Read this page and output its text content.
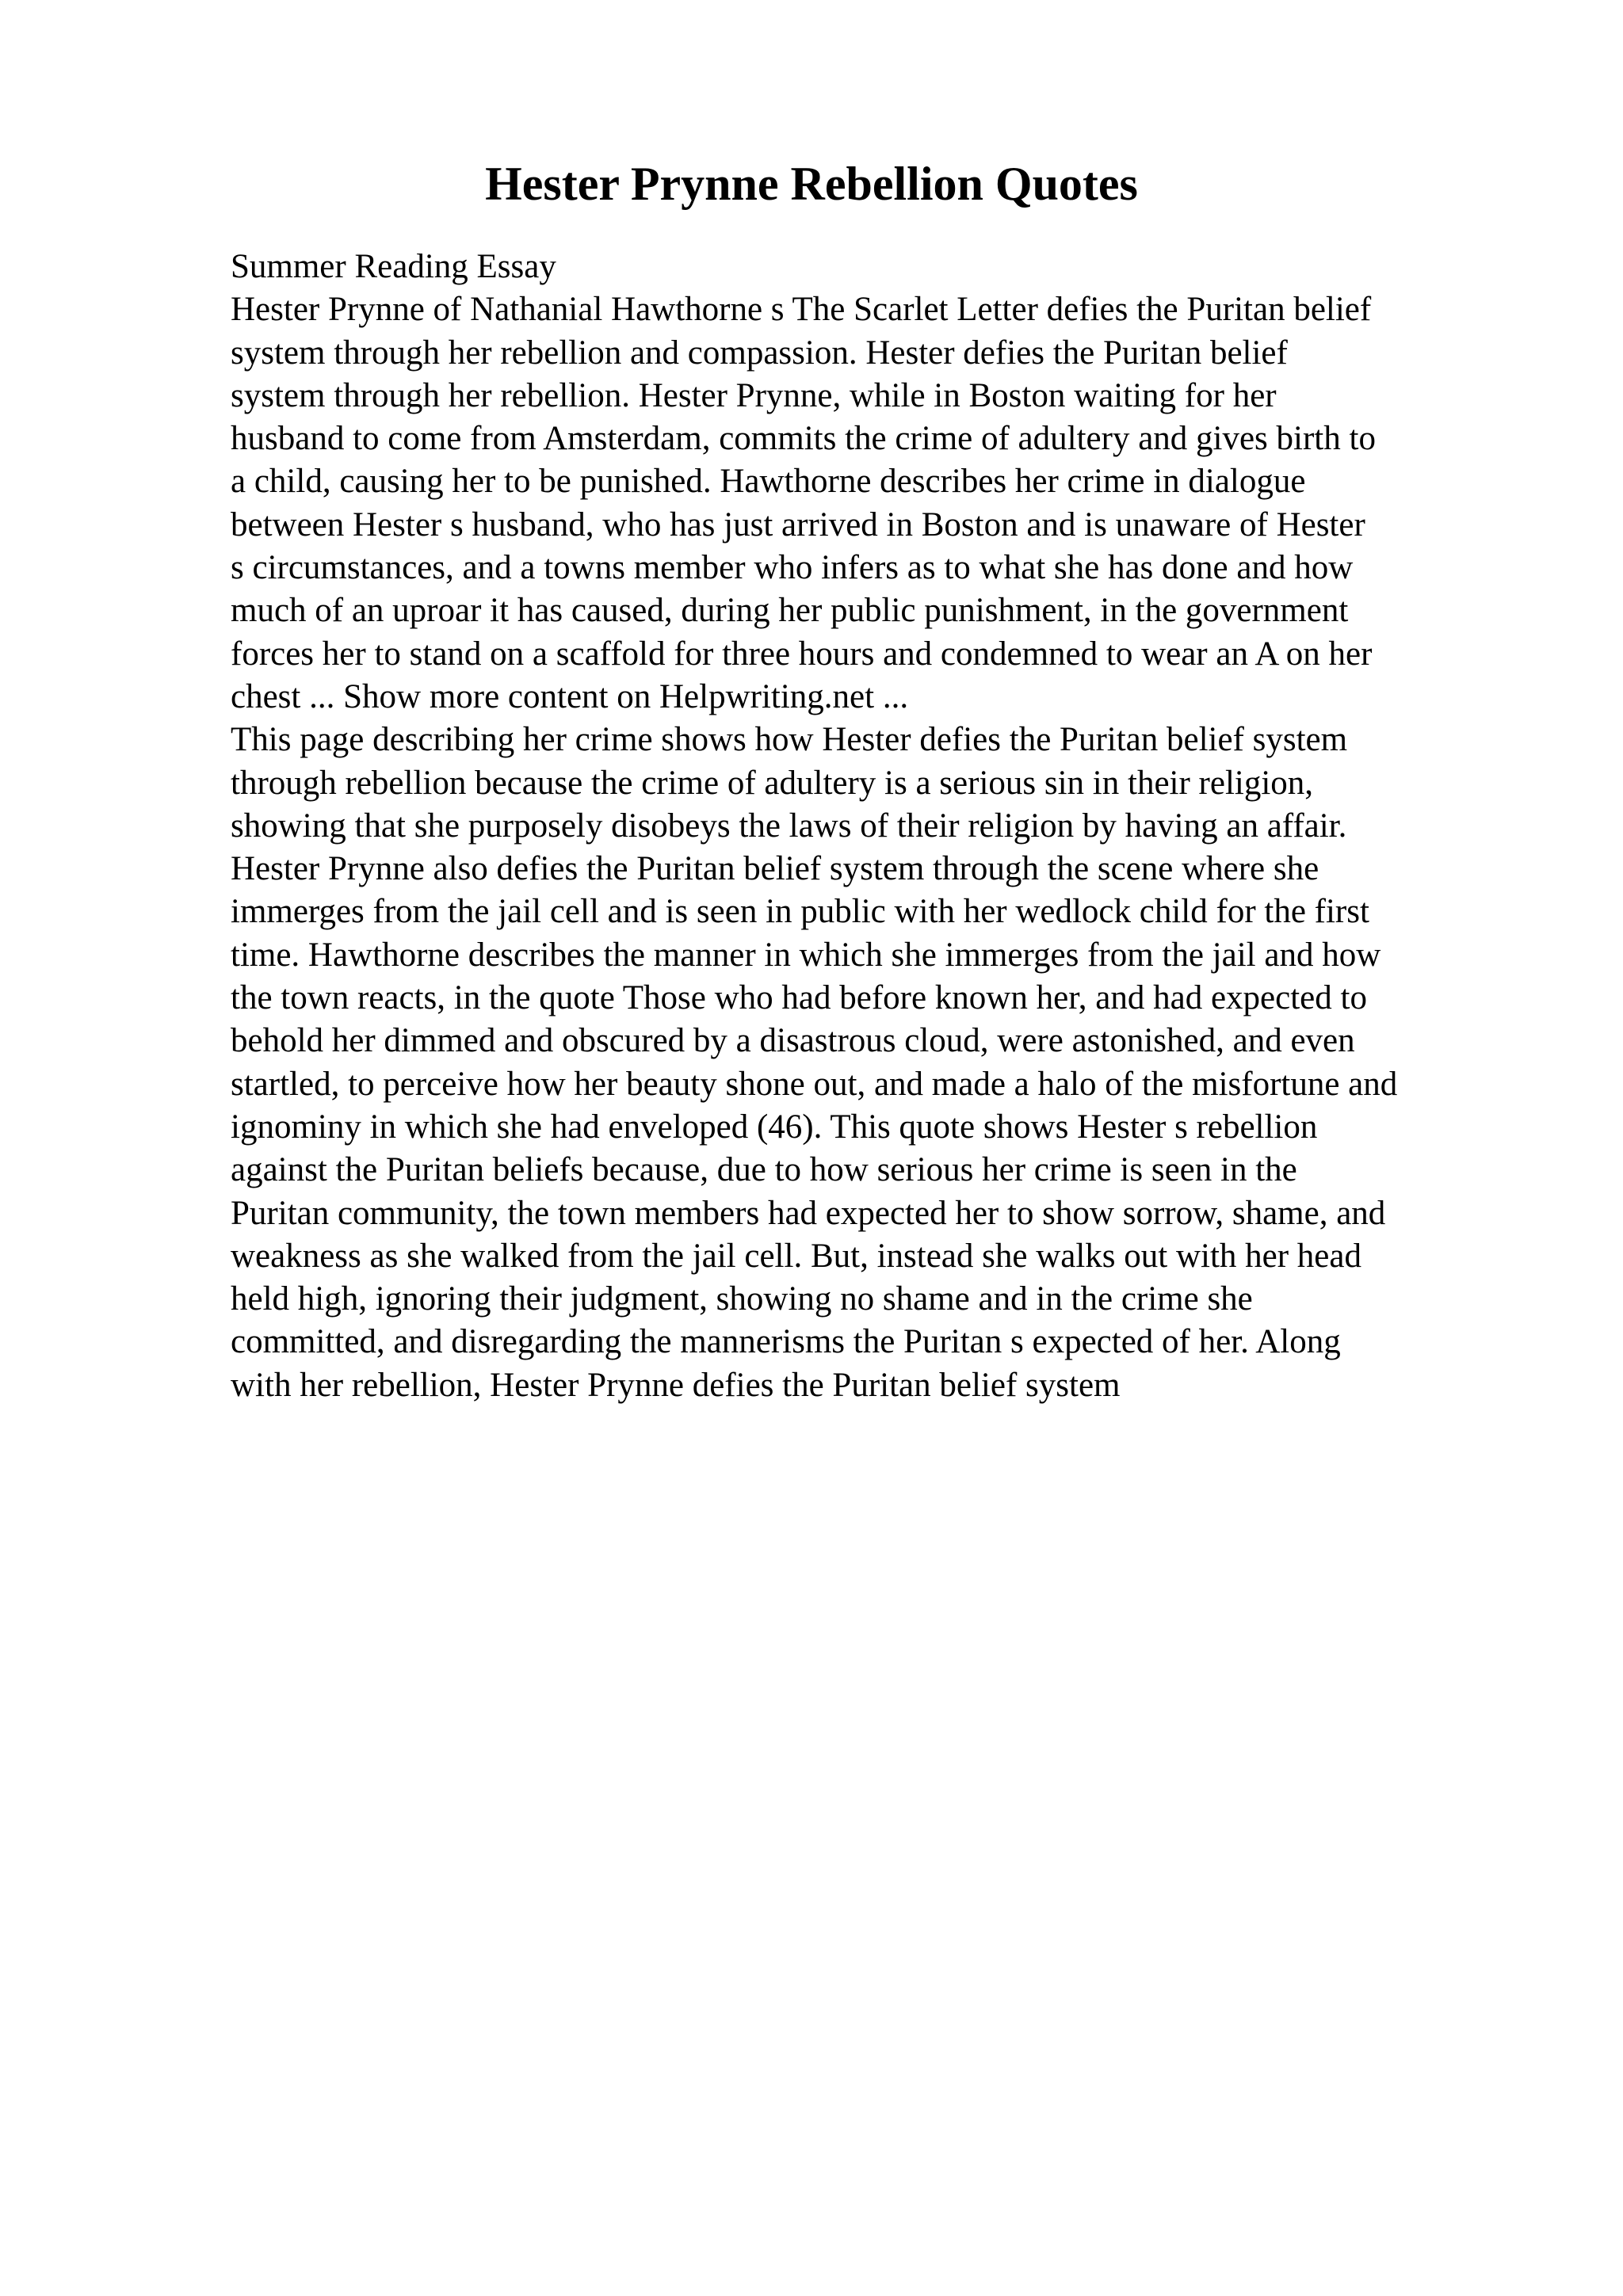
Hester Prynne Rebellion Quotes
Summer Reading Essay
Hester Prynne of Nathanial Hawthorne s The Scarlet Letter defies the Puritan belief
system through her rebellion and compassion. Hester defies the Puritan belief
system through her rebellion. Hester Prynne, while in Boston waiting for her
husband to come from Amsterdam, commits the crime of adultery and gives birth to
a child, causing her to be punished. Hawthorne describes her crime in dialogue
between Hester s husband, who has just arrived in Boston and is unaware of Hester
s circumstances, and a towns member who infers as to what she has done and how
much of an uproar it has caused, during her public punishment, in the government
forces her to stand on a scaffold for three hours and condemned to wear an A on her
chest ... Show more content on Helpwriting.net ...
This page describing her crime shows how Hester defies the Puritan belief system
through rebellion because the crime of adultery is a serious sin in their religion,
showing that she purposely disobeys the laws of their religion by having an affair.
Hester Prynne also defies the Puritan belief system through the scene where she
immerges from the jail cell and is seen in public with her wedlock child for the first
time. Hawthorne describes the manner in which she immerges from the jail and how
the town reacts, in the quote Those who had before known her, and had expected to
behold her dimmed and obscured by a disastrous cloud, were astonished, and even
startled, to perceive how her beauty shone out, and made a halo of the misfortune and
ignominy in which she had enveloped (46). This quote shows Hester s rebellion
against the Puritan beliefs because, due to how serious her crime is seen in the
Puritan community, the town members had expected her to show sorrow, shame, and
weakness as she walked from the jail cell. But, instead she walks out with her head
held high, ignoring their judgment, showing no shame and in the crime she
committed, and disregarding the mannerisms the Puritan s expected of her. Along
with her rebellion, Hester Prynne defies the Puritan belief system
